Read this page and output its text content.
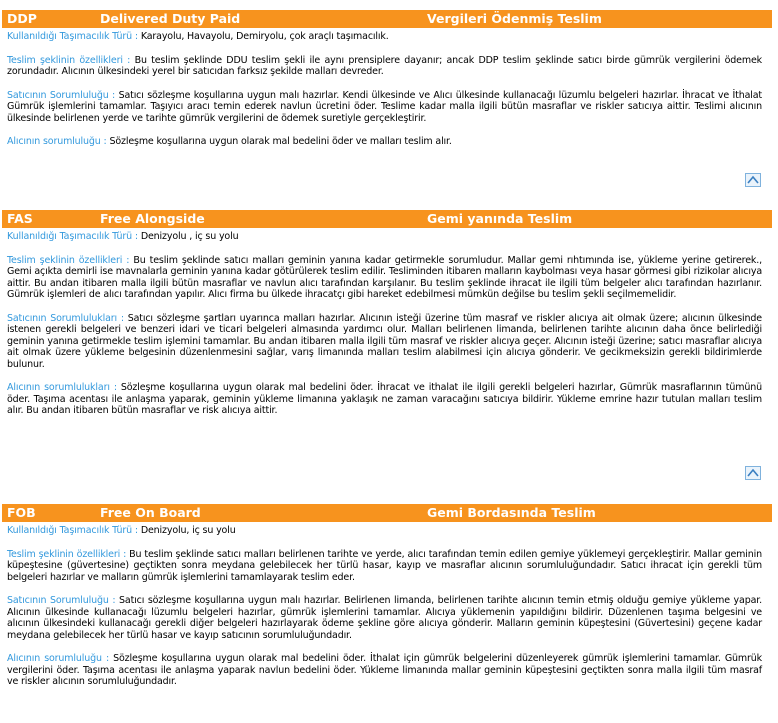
DDP	Delivered Duty Paid	Vergileri Ödenmiş Teslim

Kullanıldığı Taşımacılık Türü : Karayolu, Havayolu, Demiryolu, çok araçlı taşımacılık.

Teslim şeklinin özellikleri : Bu teslim şeklinde DDU teslim şekli ile aynı prensiplere dayanır; ancak DDP teslim şeklinde satıcı birde gümrük vergilerini ödemek zorundadır. Alıcının ülkesindeki yerel bir satıcıdan farksız şekilde malları devreder.

Satıcının Sorumluluğu : Satıcı sözleşme koşullarına uygun malı hazırlar. Kendi ülkesinde ve Alıcı ülkesinde kullanacağı lüzumlu belgeleri hazırlar. İhracat ve İthalat Gümrük işlemlerini tamamlar. Taşıyıcı aracı temin ederek navlun ücretini öder. Teslime kadar malla ilgili bütün masraflar ve riskler satıcıya aittir. Teslimi alıcının ülkesinde belirlenen yerde ve tarihte gümrük vergilerini de ödemek suretiyle gerçekleştirir.

Alıcının sorumluluğu : Sözleşme koşullarına uygun olarak mal bedelini öder ve malları teslim alır.

FAS	Free Alongside	Gemi yanında Teslim

Kullanıldığı Taşımacılık Türü : Denizyolu , iç su yolu

Teslim şeklinin özellikleri : Bu teslim şeklinde satıcı malları geminin yanına kadar getirmekle sorumludur. Mallar gemi rıhtımında ise, yükleme yerine getirerek., Gemi açıkta demirli ise mavnalarla geminin yanına kadar götürülerek teslim edilir. Tesliminden itibaren malların kaybolması veya hasar görmesi gibi rizikolar alıcıya aittir. Bu andan itibaren malla ilgili bütün masraflar ve navlun alıcı tarafından karşılanır. Bu teslim şeklinde ihracat ile ilgili tüm belgeler alıcı tarafından hazırlanır. Gümrük işlemleri de alıcı tarafından yapılır. Alıcı firma bu ülkede ihracatçı gibi hareket edebilmesi mümkün değilse bu teslim şekli seçilmemelidir.

Satıcının Sorumlulukları : Satıcı sözleşme şartları uyarınca malları hazırlar. Alıcının isteği üzerine tüm masraf ve riskler alıcıya ait olmak üzere; alıcının ülkesinde istenen gerekli belgeleri ve benzeri idari ve ticari belgeleri almasında yardımcı olur. Malları belirlenen limanda, belirlenen tarihte alıcının daha önce belirlediği geminin yanına getirmekle teslim işlemini tamamlar. Bu andan itibaren malla ilgili tüm masraf ve riskler alıcıya geçer. Alıcının isteği üzerine; satıcı masraflar alıcıya ait olmak üzere yükleme belgesinin düzenlenmesini sağlar, varış limanında malları teslim alabilmesi için alıcıya gönderir. Ve gecikmeksizin gerekli bildirimlerde bulunur.

Alıcının sorumlulukları : Sözleşme koşullarına uygun olarak mal bedelini öder. İhracat ve ithalat ile ilgili gerekli belgeleri hazırlar, Gümrük masraflarının tümünü öder. Taşıma acentası ile anlaşma yaparak, geminin yükleme limanına yaklaşık ne zaman varacağını satıcıya bildirir. Yükleme emrine hazır tutulan malları teslim alır. Bu andan itibaren bütün masraflar ve risk alıcıya aittir.

FOB	Free On Board	Gemi Bordasında Teslim

Kullanıldığı Taşımacılık Türü : Denizyolu, iç su yolu

Teslim şeklinin özellikleri : Bu teslim şeklinde satıcı malları belirlenen tarihte ve yerde, alıcı tarafından temin edilen gemiye yüklemeyi gerçekleştirir. Mallar geminin küpeştesine (güvertesine) geçtikten sonra meydana gelebilecek her türlü hasar, kayıp ve masraflar alıcının sorumluluğundadır. Satıcı ihracat için gerekli tüm belgeleri hazırlar ve malların gümrük işlemlerini tamamlayarak teslim eder.

Satıcının Sorumluluğu : Satıcı sözleşme koşullarına uygun malı hazırlar. Belirlenen limanda, belirlenen tarihte alıcının temin etmiş olduğu gemiye yükleme yapar. Alıcının ülkesinde kullanacağı lüzumlu belgeleri hazırlar, gümrük işlemlerini tamamlar. Alıcıya yüklemenin yapıldığını bildirir. Düzenlenen taşıma belgesini ve alıcının ülkesindeki kullanacağı gerekli diğer belgeleri hazırlayarak ödeme şekline göre alıcıya gönderir. Malların geminin küpeştesini (Güvertesini) geçene kadar meydana gelebilecek her türlü hasar ve kayıp satıcının sorumluluğundadır.

Alıcının sorumluluğu : Sözleşme koşullarına uygun olarak mal bedelini öder. İthalat için gümrük belgelerini düzenleyerek gümrük işlemlerini tamamlar. Gümrük vergilerini öder. Taşıma acentası ile anlaşma yaparak navlun bedelini öder. Yükleme limanında mallar geminin küpeştesini geçtikten sonra malla ilgili tüm masraf ve riskler alıcının sorumluluğundadır.
